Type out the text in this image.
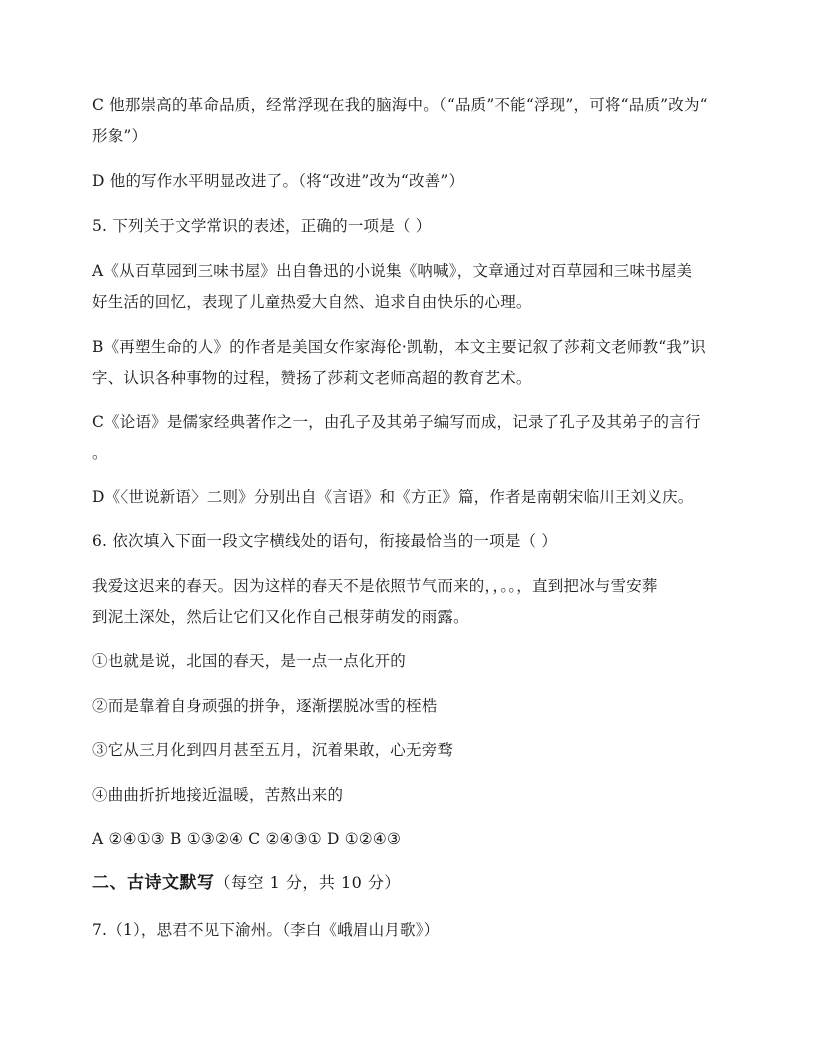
C 他那崇高的革命品质，经常浮现在我的脑海中。（“品质”不能“浮现”，可将“品质”改为“
形象”）
D 他的写作水平明显改进了。（将“改进”改为“改善”）
5. 下列关于文学常识的表述，正确的一项是（ ）
A《从百草园到三味书屋》出自鲁迅的小说集《呐喊》，文章通过对百草园和三味书屋美
好生活的回忆，表现了儿童热爱大自然、追求自由快乐的心理。
B《再塑生命的人》的作者是美国女作家海伦·凯勒，本文主要记叙了莎莉文老师教“我”识
字、认识各种事物的过程，赞扬了莎莉文老师高超的教育艺术。
C《论语》是儒家经典著作之一，由孔子及其弟子编写而成，记录了孔子及其弟子的言行
。
D《〈世说新语〉二则》分别出自《言语》和《方正》篇，作者是南朝宋临川王刘义庆。
6. 依次填入下面一段文字横线处的语句，衔接最恰当的一项是（ ）
我爱这迟来的春天。因为这样的春天不是依照节气而来的，，。。，直到把冰与雪安葬
到泥土深处，然后让它们又化作自己根芽萌发的雨露。
①也就是说，北国的春天，是一点一点化开的
②而是靠着自身顽强的拼争，逐渐摆脱冰雪的桎梏
③它从三月化到四月甚至五月，沉着果敢，心无旁骛
④曲曲折折地接近温暖，苦熬出来的
A ②④①③ B ①③②④ C ②④③① D ①②④③
二、古诗文默写（每空 1 分，共 10 分）
7.（1），思君不见下渝州。（李白《峨眉山月歌》）
